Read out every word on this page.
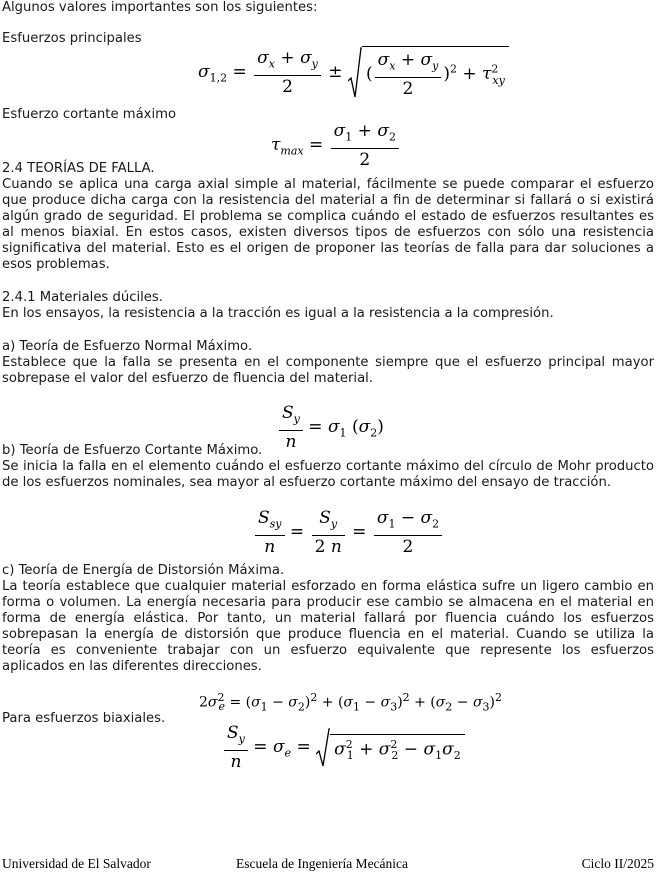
Algunos valores importantes son los siguientes:
Esfuerzos principales
$\sigma_{1,2} = \frac{\sigma_x + \sigma_y}{2}$ ± ( $\frac{\sigma_x + \sigma_y}{2} )^2 + \tau^2_{xy}$
Esfuerzo cortante máximo
$\tau_{max} = \frac{\sigma_1 + \sigma_2}{2}$
2.4 TEORÍAS DE FALLA.
Cuando se aplica una carga axial simple al material, fácilmente se puede comparar el esfuerzo que produce dicha carga con la resistencia del material a fin de determinar si fallará o si existirá algún grado de seguridad. El problema se complica cuándo el estado de esfuerzos resultantes es al menos biaxial. En estos casos, existen diversos tipos de esfuerzos con sólo una resistencia significativa del material. Esto es el origen de proponer las teorías de falla para dar soluciones a esos problemas.
2.4.1 Materiales dúciles.
En los ensayos, la resistencia a la tracción es igual a la resistencia a la compresión.
a) Teoría de Esfuerzo Normal Máximo.
Establece que la falla se presenta en el componente siempre que el esfuerzo principal mayor sobrepase el valor del esfuerzo de fluencia del material.
$\frac{S_y}{n} = \sigma_1$ $(\sigma_2)$
b) Teoría de Esfuerzo Cortante Máximo.
Se inicia la falla en el elemento cuándo el esfuerzo cortante máximo del círculo de Mohr producto de los esfuerzos nominales, sea mayor al esfuerzo cortante máximo del ensayo de tracción.
$\frac{S_{sy}}{n} = \frac{S_y}{2 n} = \frac{\sigma_1 - \sigma_2}{2}$
c) Teoría de Energía de Distorsión Máxima.
La teoría establece que cualquier material esforzado en forma elástica sufre un ligero cambio en forma o volumen. La energía necesaria para producir ese cambio se almacena en el material en forma de energía elástica. Por tanto, un material fallará por fluencia cuándo los esfuerzos sobrepasan la energía de distorsión que produce fluencia en el material. Cuando se utiliza la teoría es conveniente trabajar con un esfuerzo equivalente que represente los esfuerzos aplicados en las diferentes direcciones.
$2\sigma^2_e = (\sigma_1 - \sigma_2)^2 + (\sigma_1 - \sigma_3)^2 + (\sigma_2 - \sigma_3)^2$
Para esfuerzos biaxiales.
$\frac{S_y}{n} = \sigma_e = \sigma^2_1 + \sigma^2_2 - \sigma_1\sigma_2$
Universidad de El Salvador	Escuela de Ingeniería Mecánica	Ciclo II/2025
